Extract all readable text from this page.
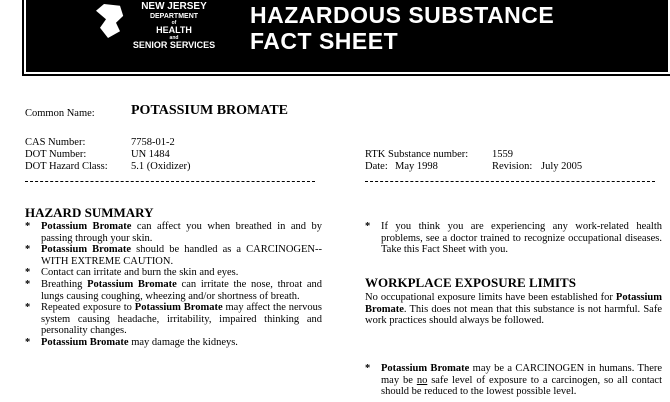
NEW JERSEY
DEPARTMENT
of
HEALTH
and
SENIOR SERVICES
HAZARDOUS SUBSTANCE
FACT SHEET
Common Name:	POTASSIUM BROMATE
CAS Number:	7758-01-2
DOT Number:	UN 1484
DOT Hazard Class: 5.1 (Oxidizer)
RTK Substance number: 1559
Date: May 1998	Revision: July 2005
HAZARD SUMMARY

* Potassium Bromate can affect you when breathed in and by passing through your skin.

* Potassium Bromate should be handled as a CARCINOGEN--WITH EXTREME CAUTION.

* Contact can irritate and burn the skin and eyes.

* Breathing Potassium Bromate can irritate the nose, throat and lungs causing coughing, wheezing and/or shortness of breath.

* Repeated exposure to Potassium Bromate may affect the nervous system causing headache, irritability, impaired thinking and personality changes.

* Potassium Bromate may damage the kidneys.

* If you think you are experiencing any work-related health problems, see a doctor trained to recognize occupational diseases. Take this Fact Sheet with you.

WORKPLACE EXPOSURE LIMITS
No occupational exposure limits have been established for Potassium Bromate. This does not mean that this substance is not harmful. Safe work practices should always be followed.

* Potassium Bromate may be a CARCINOGEN in humans. There may be no safe level of exposure to a carcinogen, so all contact should be reduced to the lowest possible level.
